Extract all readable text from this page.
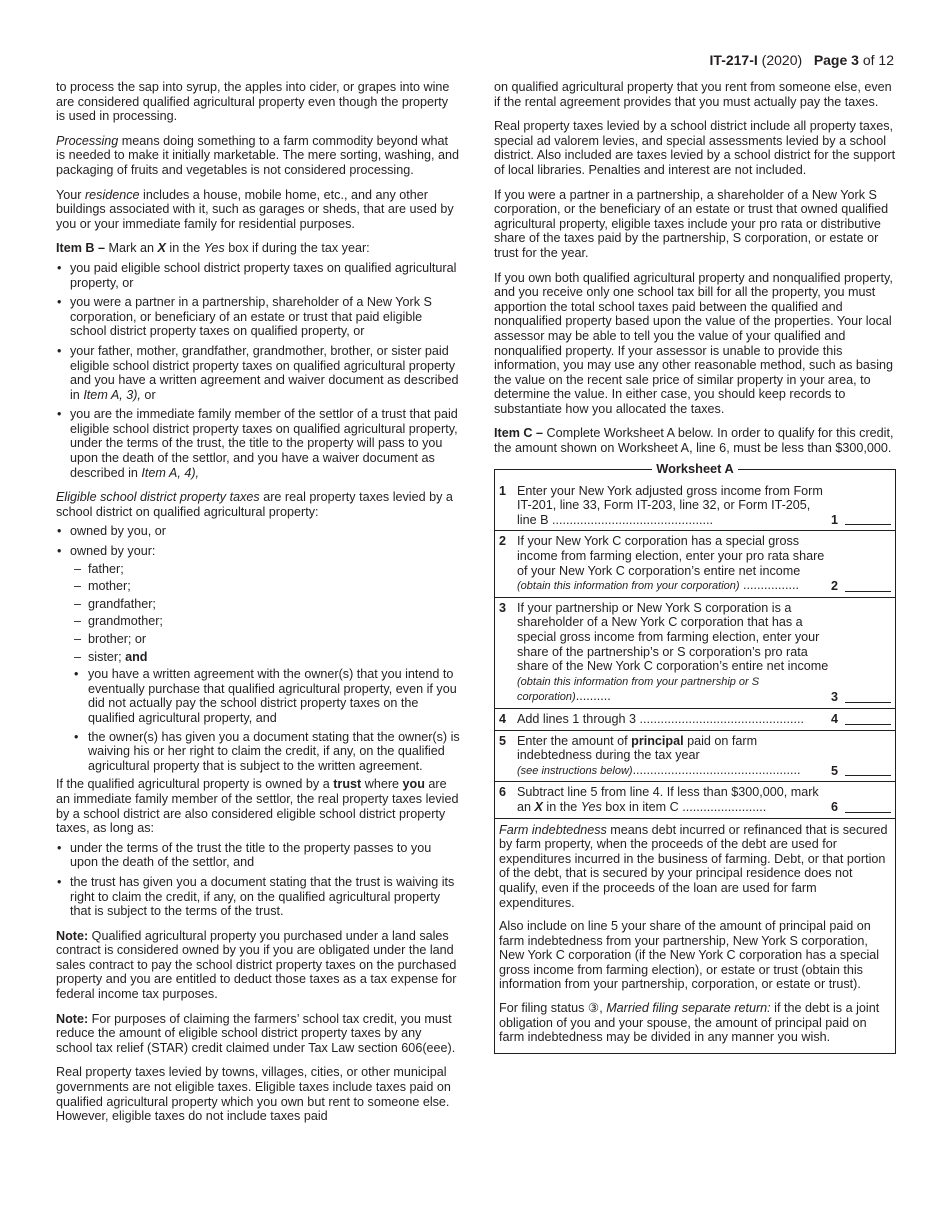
IT-217-I (2020) Page 3 of 12

to process the sap into syrup, the apples into cider, or grapes into wine are considered qualified agricultural property even though the property is used in processing.

Processing means doing something to a farm commodity beyond what is needed to make it initially marketable. The mere sorting, washing, and packaging of fruits and vegetables is not considered processing.

Your residence includes a house, mobile home, etc., and any other buildings associated with it, such as garages or sheds, that are used by you or your immediate family for residential purposes.

Item B – Mark an X in the Yes box if during the tax year:

• you paid eligible school district property taxes on qualified agricultural property, or
• you were a partner in a partnership, shareholder of a New York S corporation, or beneficiary of an estate or trust that paid eligible school district property taxes on qualified property, or
• your father, mother, grandfather, grandmother, brother, or sister paid eligible school district property taxes on qualified agricultural property and you have a written agreement and waiver document as described in Item A, 3), or
• you are the immediate family member of the settlor of a trust that paid eligible school district property taxes on qualified agricultural property, under the terms of the trust, the title to the property will pass to you upon the death of the settlor, and you have a waiver document as described in Item A, 4),

Eligible school district property taxes are real property taxes levied by a school district on qualified agricultural property:

• owned by you, or
• owned by your:
– father;
– mother;
– grandfather;
– grandmother;
– brother; or
– sister; and
• you have a written agreement with the owner(s) that you intend to eventually purchase that qualified agricultural property, even if you did not actually pay the school district property taxes on the qualified agricultural property, and
• the owner(s) has given you a document stating that the owner(s) is waiving his or her right to claim the credit, if any, on the qualified agricultural property that is subject to the written agreement.

If the qualified agricultural property is owned by a trust where you are an immediate family member of the settlor, the real property taxes levied by a school district are also considered eligible school district property taxes, as long as:

• under the terms of the trust the title to the property passes to you upon the death of the settlor, and
• the trust has given you a document stating that the trust is waiving its right to claim the credit, if any, on the qualified agricultural property that is subject to the terms of the trust.

Note: Qualified agricultural property you purchased under a land sales contract is considered owned by you if you are obligated under the land sales contract to pay the school district property taxes on the purchased property and you are entitled to deduct those taxes as a tax expense for federal income tax purposes.

Note: For purposes of claiming the farmers’ school tax credit, you must reduce the amount of eligible school district property taxes by any school tax relief (STAR) credit claimed under Tax Law section 606(eee).

Real property taxes levied by towns, villages, cities, or other municipal governments are not eligible taxes. Eligible taxes include taxes paid on qualified agricultural property which you own but rent to someone else. However, eligible taxes do not include taxes paid

on qualified agricultural property that you rent from someone else, even if the rental agreement provides that you must actually pay the taxes.

Real property taxes levied by a school district include all property taxes, special ad valorem levies, and special assessments levied by a school district. Also included are taxes levied by a school district for the support of local libraries. Penalties and interest are not included.

If you were a partner in a partnership, a shareholder of a New York S corporation, or the beneficiary of an estate or trust that owned qualified agricultural property, eligible taxes include your pro rata or distributive share of the taxes paid by the partnership, S corporation, or estate or trust for the year.

If you own both qualified agricultural property and nonqualified property, and you receive only one school tax bill for all the property, you must apportion the total school taxes paid between the qualified and nonqualified property based upon the value of the properties. Your local assessor may be able to tell you the value of your qualified and nonqualified property. If your assessor is unable to provide this information, you may use any other reasonable method, such as basing the value on the recent sale price of similar property in your area, to determine the value. In either case, you should keep records to substantiate how you allocated the taxes.

Item C – Complete Worksheet A below. In order to qualify for this credit, the amount shown on Worksheet A, line 6, must be less than $300,000.

Worksheet A
1 Enter your New York adjusted gross income from Form IT-201, line 33, Form IT-203, line 32, or Form IT-205, line B ..............................................	1
2 If your New York C corporation has a special gross income from farming election, enter your pro rata share of your New York C corporation’s entire net income
(obtain this information from your corporation) ................	2
3 If your partnership or New York S corporation is a shareholder of a New York C corporation that has a special gross income from farming election, enter your share of the partnership’s or S corporation’s pro rata share of the New York C corporation’s entire net income (obtain this information from your partnership or S corporation)..........	3
4 Add lines 1 through 3 ...............................................	4
5 Enter the amount of principal paid on farm indebtedness during the tax year
(see instructions below)................................................	5
6 Subtract line 5 from line 4. If less than $300,000, mark an X in the Yes box in item C ........................	6

Farm indebtedness means debt incurred or refinanced that is secured by farm property, when the proceeds of the debt are used for expenditures incurred in the business of farming. Debt, or that portion of the debt, that is secured by your principal residence does not qualify, even if the proceeds of the loan are used for farm expenditures.

Also include on line 5 your share of the amount of principal paid on farm indebtedness from your partnership, New York S corporation, New York C corporation (if the New York C corporation has a special gross income from farming election), or estate or trust (obtain this information from your partnership, corporation, or estate or trust).

For filing status ③, Married filing separate return: if the debt is a joint obligation of you and your spouse, the amount of principal paid on farm indebtedness may be divided in any manner you wish.
